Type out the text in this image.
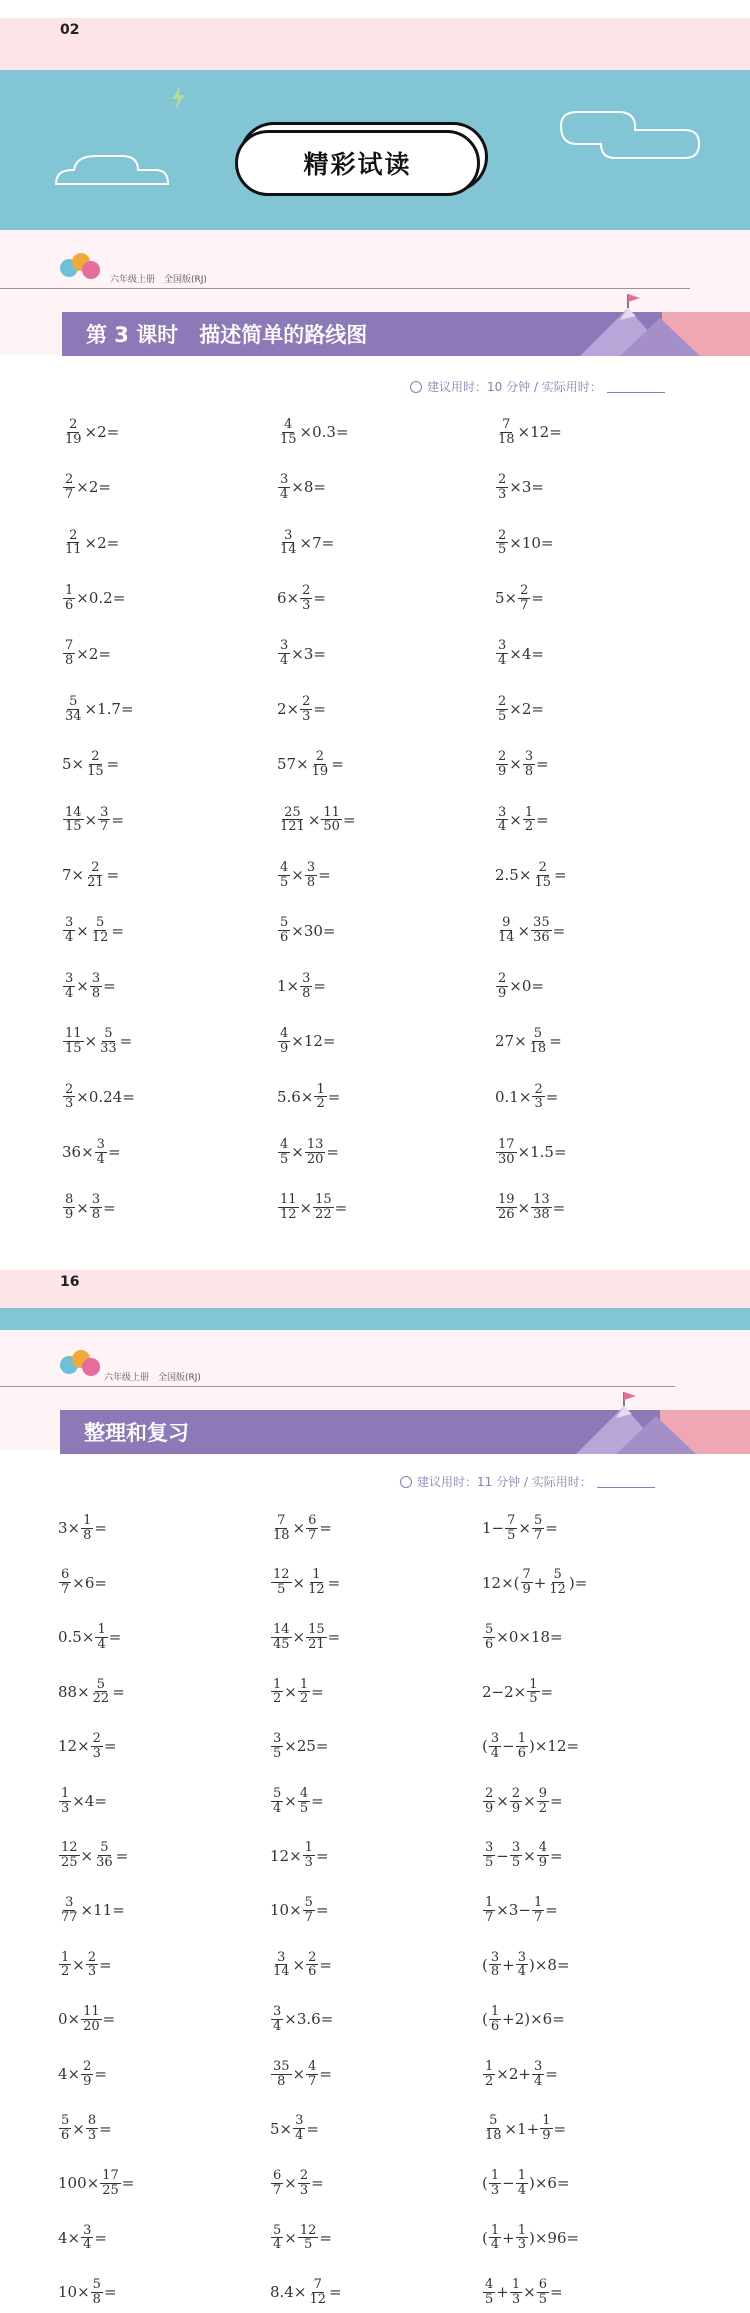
02
精彩试读
六年级上册　全国版(RJ)
第 3 课时　描述简单的路线图
建议用时：10 分钟 / 实际用时：
$\frac{2}{19} \times 2=$	$\frac{4}{15} \times 0.3=$	$\frac{7}{18} \times 12=$
$\frac{2}{7} \times 2=$	$\frac{3}{4} \times 8=$	$\frac{2}{3} \times 3=$
$\frac{2}{11} \times 2=$	$\frac{3}{14} \times 7=$	$\frac{2}{5} \times 10=$
$\frac{1}{6} \times 0.2=$	$6\times \frac{2}{3}$ =	$5\times \frac{2}{7}$ =
$\frac{7}{8} \times 2=$	$\frac{3}{4} \times 3=$	$\frac{3}{4} \times 4=$
$\frac{5}{34} \times 1.7=$	$2\times \frac{2}{3}$ =	$\frac{2}{5} \times 2=$
$5\times \frac{2}{15}$ =	$57\times \frac{2}{19}$ =	$\frac{2}{9} \times \frac{3}{8}$ =
$\frac{14}{15} \times \frac{3}{7}$ =	$\frac{25}{121} \times \frac{11}{50}$ =	$\frac{3}{4} \times \frac{1}{2}$ =
$7\times \frac{2}{21}$ =	$\frac{4}{5} \times \frac{3}{8}$ =	$2.5\times \frac{2}{15}$ =
$\frac{3}{4} \times \frac{5}{12}$ =	$\frac{5}{6} \times 30=$	$\frac{9}{14} \times \frac{35}{36}$ =
$\frac{3}{4} \times \frac{3}{8}$ =	$1\times \frac{3}{8}$ =	$\frac{2}{9} \times 0=$
$\frac{11}{15} \times \frac{5}{33}$ =	$\frac{4}{9} \times 12=$	$27\times \frac{5}{18}$ =
$\frac{2}{3} \times 0.24=$	$5.6\times \frac{1}{2}$ =	$0.1\times \frac{2}{3}$ =
$36\times \frac{3}{4}$ =	$\frac{4}{5} \times \frac{13}{20}$ =	$\frac{17}{30} \times 1.5=$
$\frac{8}{9} \times \frac{3}{8}$ =	$\frac{11}{12} \times \frac{15}{22}$ =	$\frac{19}{26} \times \frac{13}{38}$ =
16
六年级上册　全国版(RJ)
整理和复习
建议用时：11 分钟 / 实际用时：
$3\times \frac{1}{8}$ =	$\frac{7}{18} \times \frac{6}{7}$ =	$1- \frac{7}{5} \times \frac{5}{7}$ =
$\frac{6}{7} \times 6=$	$\frac{12}{5} \times \frac{1}{12}$ =	$12\times( \frac{7}{9} + \frac{5}{12}$ )=
$0.5\times \frac{1}{4}$ =	$\frac{14}{45} \times \frac{15}{21}$ =	$\frac{5}{6} \times 0\times 18=$
$88\times \frac{5}{22}$ =	$\frac{1}{2} \times \frac{1}{2}$ =	$2-2\times \frac{1}{5}$ =
$12\times \frac{2}{3}$ =	$\frac{3}{5} \times 25=$	( $\frac{3}{4} - \frac{1}{6} )\times 12=$
$\frac{1}{3} \times 4=$	$\frac{5}{4} \times \frac{4}{5}$ =	$\frac{2}{9} \times \frac{2}{9} \times \frac{9}{2}$ =
$\frac{12}{25} \times \frac{5}{36}$ =	$12\times \frac{1}{3}$ =	$\frac{3}{5} - \frac{3}{5} \times \frac{4}{9}$ =
$\frac{3}{77} \times 11=$	$10\times \frac{5}{7}$ =	$\frac{1}{7} \times 3- \frac{1}{7}$ =
$\frac{1}{2} \times \frac{2}{3}$ =	$\frac{3}{14} \times \frac{2}{6}$ =	( $\frac{3}{8} + \frac{3}{4} )\times 8=$
$0\times \frac{11}{20}$ =	$\frac{3}{4} \times 3.6=$	( $\frac{1}{6} +2)\times 6=$
$4\times \frac{2}{9}$ =	$\frac{35}{8} \times \frac{4}{7}$ =	$\frac{1}{2} \times 2+ \frac{3}{4}$ =
$\frac{5}{6} \times \frac{8}{3}$ =	$5\times \frac{3}{4}$ =	$\frac{5}{18} \times 1+ \frac{1}{9}$ =
$100\times \frac{17}{25}$ =	$\frac{6}{7} \times \frac{2}{3}$ =	( $\frac{1}{3} - \frac{1}{4} )\times 6=$
$4\times \frac{3}{4}$ =	$\frac{5}{4} \times \frac{12}{5}$ =	( $\frac{1}{4} + \frac{1}{3} )\times 96=$
$10\times \frac{5}{8}$ =	$8.4\times \frac{7}{12}$ =	$\frac{4}{5} + \frac{1}{3} \times \frac{6}{5}$ =
